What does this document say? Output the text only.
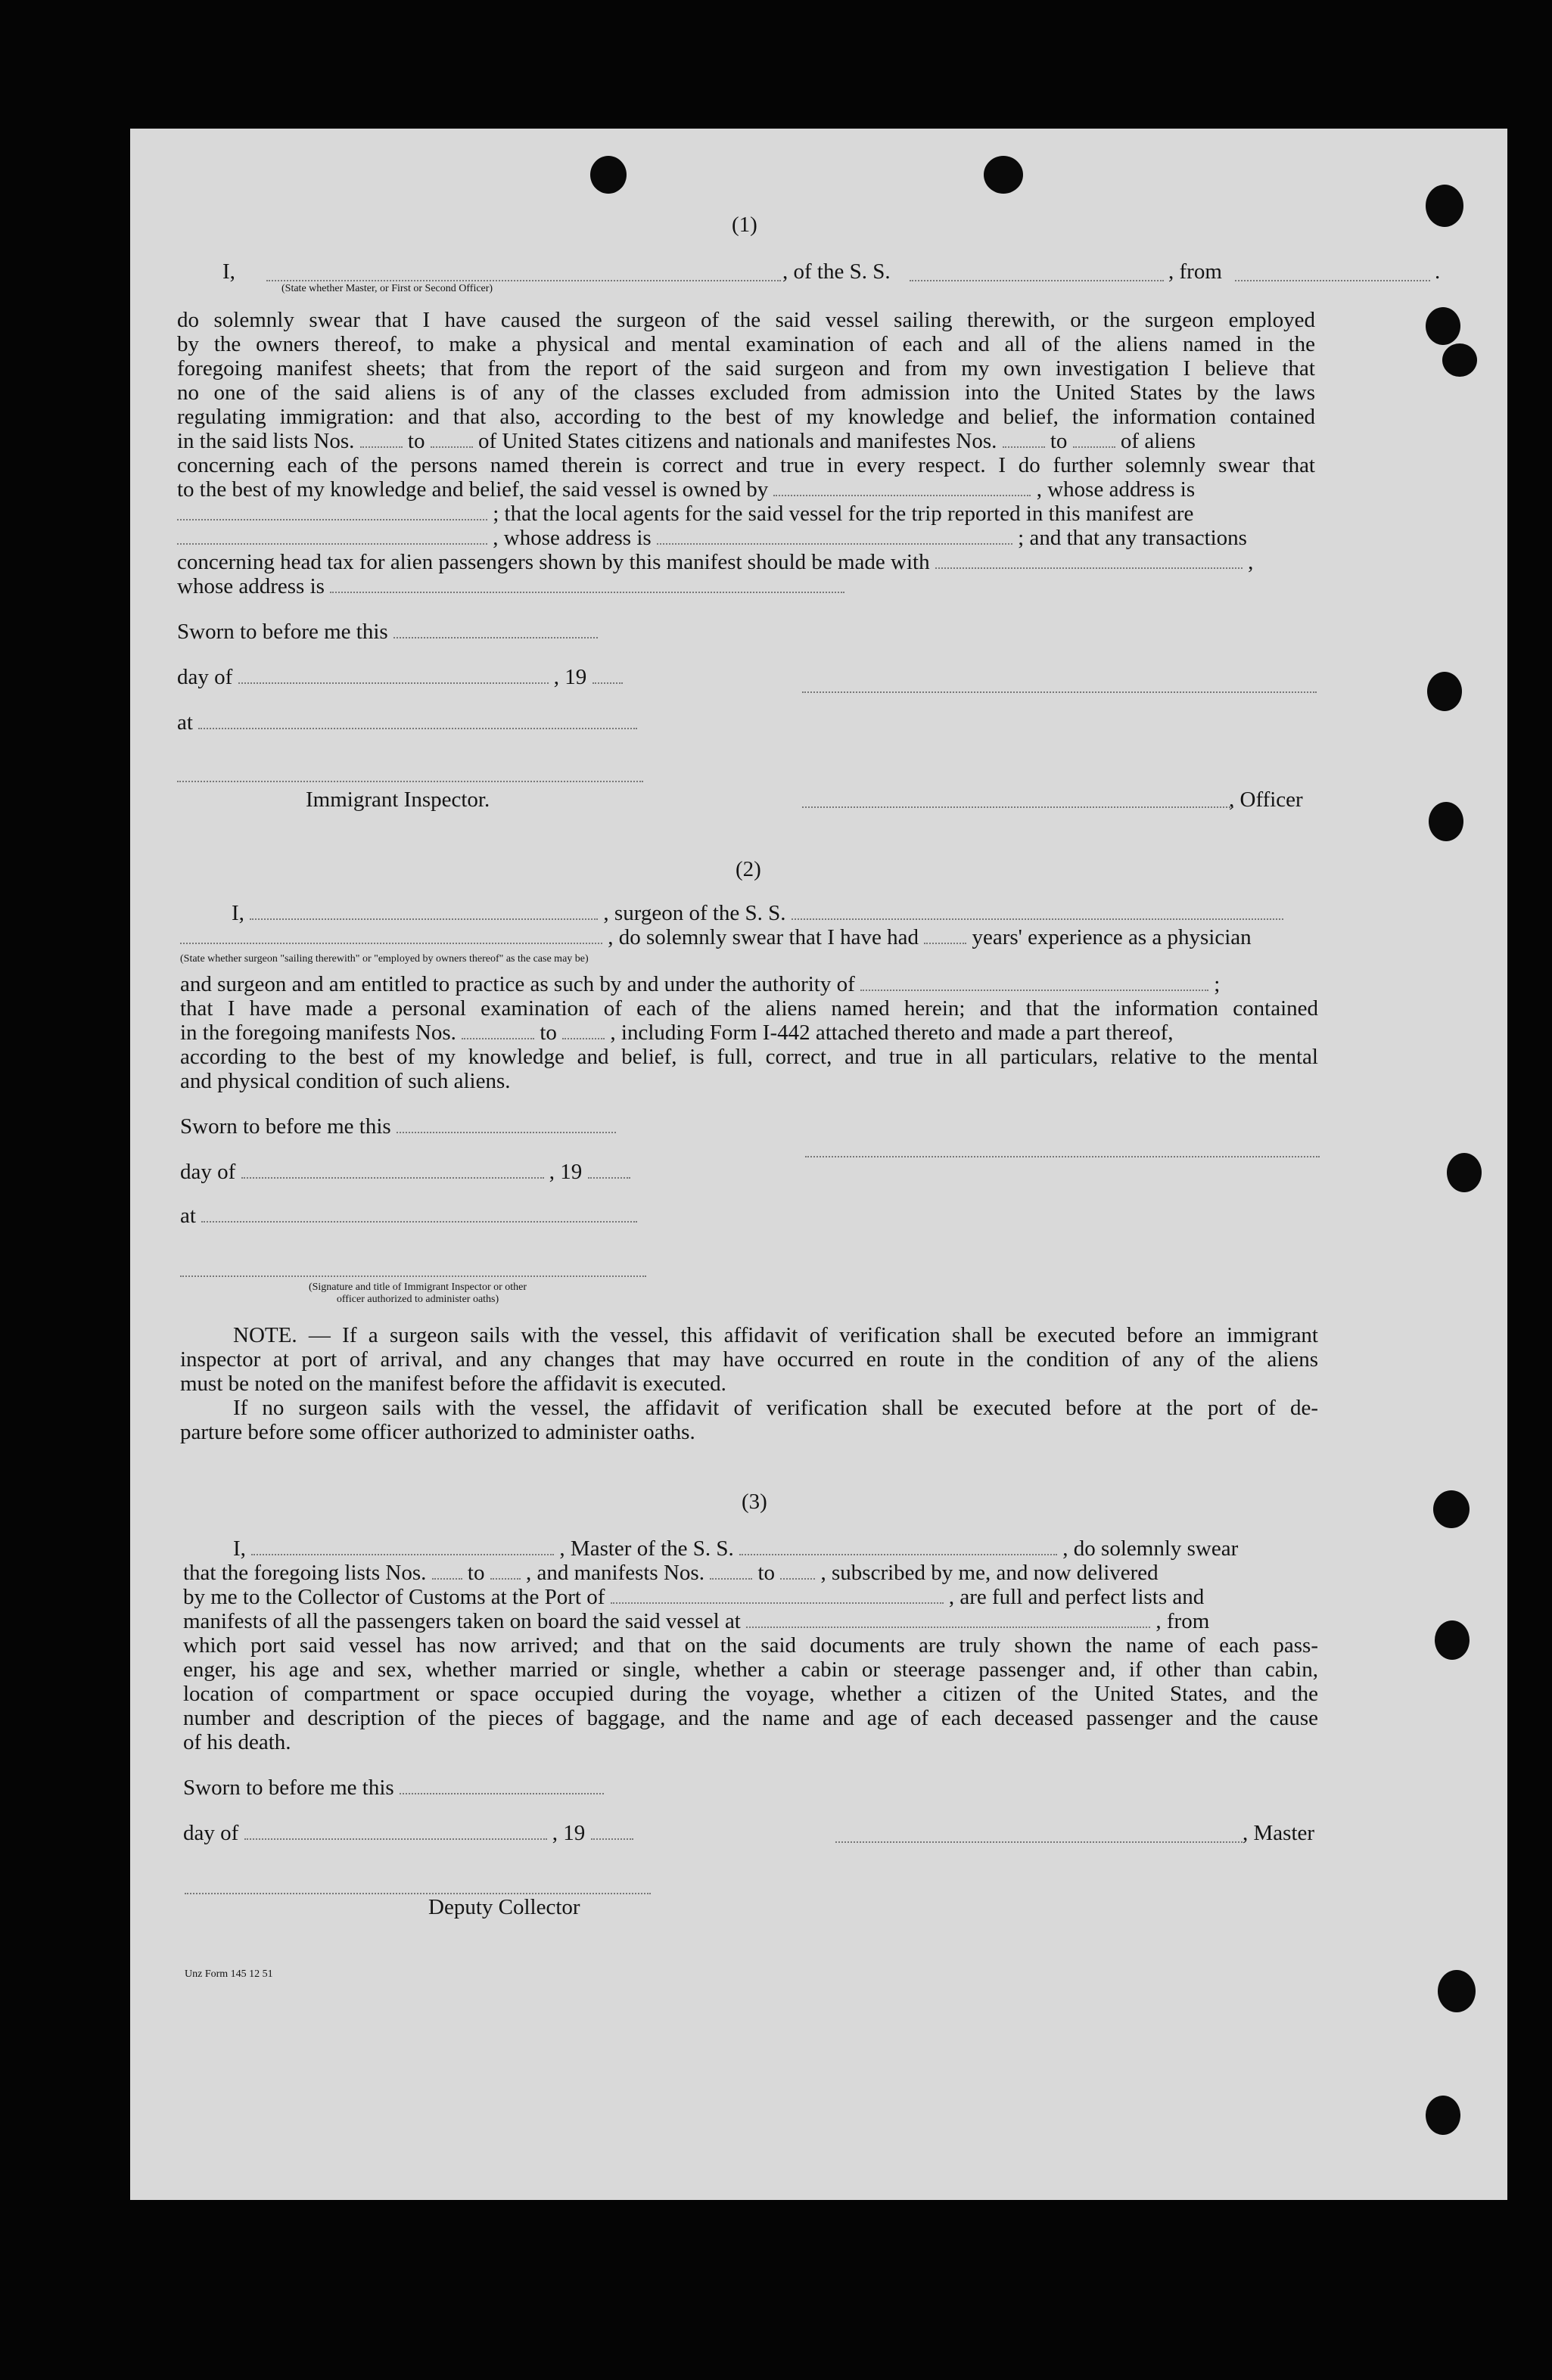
(1)
I,	, of the S. S.	, from	.
(State whether Master, or First or Second Officer)
do solemnly swear that I have caused the surgeon of the said vessel sailing therewith, or the surgeon employed
by the owners thereof, to make a physical and mental examination of each and all of the aliens named in the
foregoing manifest sheets; that from the report of the said surgeon and from my own investigation I believe that
no one of the said aliens is of any of the classes excluded from admission into the United States by the laws
regulating immigration: and that also, according to the best of my knowledge and belief, the information contained
in the said lists Nos. to of United States citizens and nationals and manifestes Nos. to of aliens
concerning each of the persons named therein is correct and true in every respect. I do further solemnly swear that
to the best of my knowledge and belief, the said vessel is owned by	, whose address is
; that the local agents for the said vessel for the trip reported in this manifest are
, whose address is	; and that any transactions
concerning head tax for alien passengers shown by this manifest should be made with	,
whose address is
Sworn to before me this
day of	, 19
at
Immigrant Inspector.	, Officer
(2)
I,	, surgeon of the S. S.
, do solemnly swear that I have had years' experience as a physician
(State whether surgeon "sailing therewith" or "employed by owners thereof" as the case may be)
and surgeon and am entitled to practice as such by and under the authority of	;
that I have made a personal examination of each of the aliens named herein; and that the information contained
in the foregoing manifests Nos.	to , including Form I-442 attached thereto and made a part thereof,
according to the best of my knowledge and belief, is full, correct, and true in all particulars, relative to the mental
and physical condition of such aliens.
Sworn to before me this
day of	, 19
at
(Signature and title of Immigrant Inspector or other
officer authorized to administer oaths)
NOTE. — If a surgeon sails with the vessel, this affidavit of verification shall be executed before an immigrant
inspector at port of arrival, and any changes that may have occurred en route in the condition of any of the aliens
must be noted on the manifest before the affidavit is executed.
If no surgeon sails with the vessel, the affidavit of verification shall be executed before at the port of de-
parture before some officer authorized to administer oaths.
(3)
I,	, Master of the S. S.	, do solemnly swear
that the foregoing lists Nos. to , and manifests Nos. to , subscribed by me, and now delivered
by me to the Collector of Customs at the Port of	, are full and perfect lists and
manifests of all the passengers taken on board the said vessel at	, from
which port said vessel has now arrived; and that on the said documents are truly shown the name of each pass-
enger, his age and sex, whether married or single, whether a cabin or steerage passenger and, if other than cabin,
location of compartment or space occupied during the voyage, whether a citizen of the United States, and the
number and description of the pieces of baggage, and the name and age of each deceased passenger and the cause
of his death.
Sworn to before me this
day of	, 19	, Master
Deputy Collector
Unz Form 145 12 51
